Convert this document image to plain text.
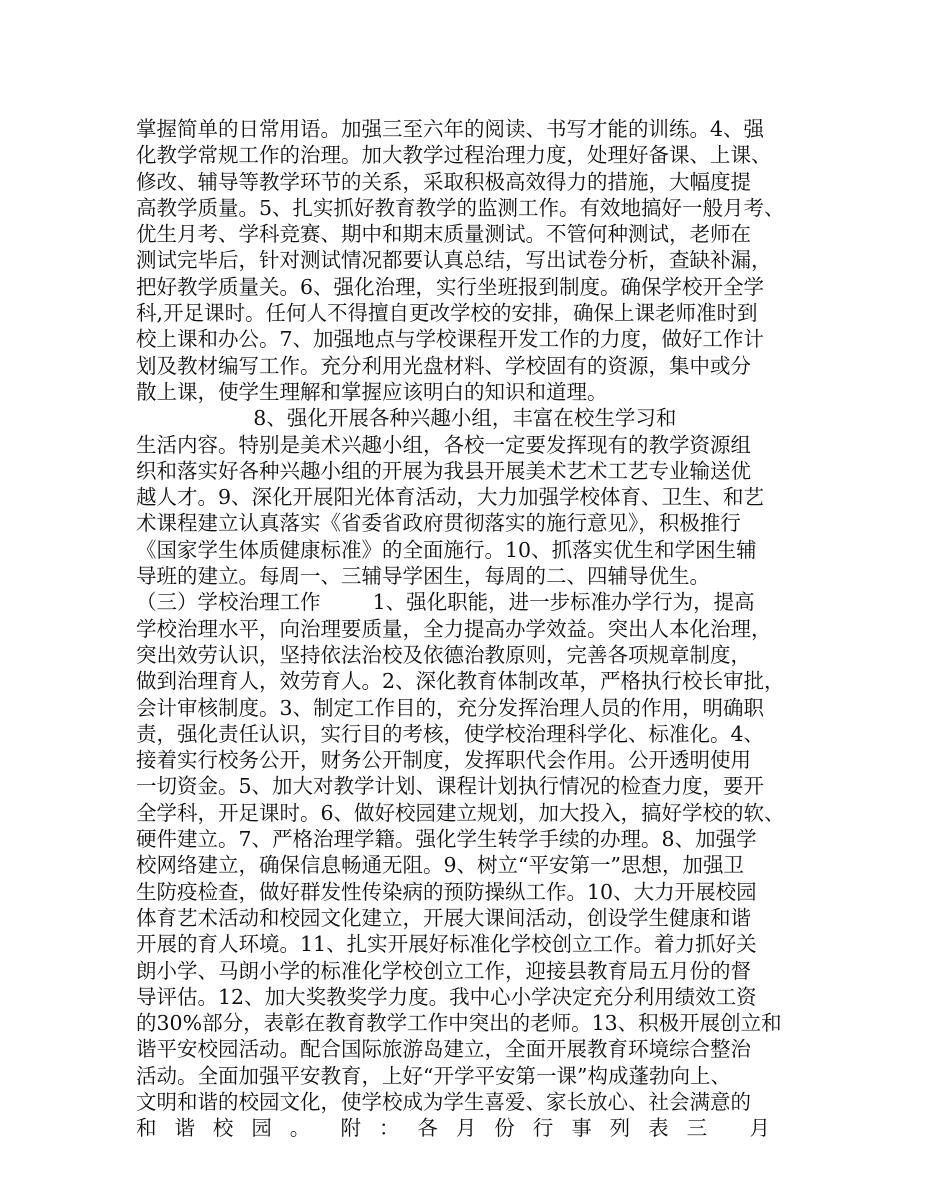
掌握简单的日常用语。加强三至六年的阅读、书写才能的训练。4、强
化教学常规工作的治理。加大教学过程治理力度，处理好备课、上课、
修改、辅导等教学环节的关系，采取积极高效得力的措施，大幅度提
高教学质量。5、扎实抓好教育教学的监测工作。有效地搞好一般月考、
优生月考、学科竞赛、期中和期末质量测试。不管何种测试，老师在
测试完毕后，针对测试情况都要认真总结，写出试卷分析，查缺补漏，
把好教学质量关。6、强化治理，实行坐班报到制度。确保学校开全学
科,开足课时。任何人不得擅自更改学校的安排，确保上课老师准时到
校上课和办公。7、加强地点与学校课程开发工作的力度，做好工作计
划及教材编写工作。充分利用光盘材料、学校固有的资源，集中或分
散上课，使学生理解和掌握应该明白的知识和道理。
8、强化开展各种兴趣小组，丰富在校生学习和
生活内容。特别是美术兴趣小组，各校一定要发挥现有的教学资源组
织和落实好各种兴趣小组的开展为我县开展美术艺术工艺专业输送优
越人才。9、深化开展阳光体育活动，大力加强学校体育、卫生、和艺
术课程建立认真落实《省委省政府贯彻落实的施行意见》，积极推行
《国家学生体质健康标准》的全面施行。10、抓落实优生和学困生辅
导班的建立。每周一、三辅导学困生，每周的二、四辅导优生。
（三）学校治理工作        1、强化职能，进一步标准办学行为，提高
学校治理水平，向治理要质量，全力提高办学效益。突出人本化治理，
突出效劳认识，坚持依法治校及依德治教原则，完善各项规章制度，
做到治理育人，效劳育人。2、深化教育体制改革，严格执行校长审批，
会计审核制度。3、制定工作目的，充分发挥治理人员的作用，明确职
责，强化责任认识，实行目的考核，使学校治理科学化、标准化。4、
接着实行校务公开，财务公开制度，发挥职代会作用。公开透明使用
一切资金。5、加大对教学计划、课程计划执行情况的检查力度，要开
全学科，开足课时。6、做好校园建立规划，加大投入，搞好学校的软、
硬件建立。7、严格治理学籍。强化学生转学手续的办理。8、加强学
校网络建立，确保信息畅通无阻。9、树立“平安第一”思想，加强卫
生防疫检查，做好群发性传染病的预防操纵工作。10、大力开展校园
体育艺术活动和校园文化建立，开展大课间活动，创设学生健康和谐
开展的育人环境。11、扎实开展好标准化学校创立工作。着力抓好关
朗小学、马朗小学的标准化学校创立工作，迎接县教育局五月份的督
导评估。12、加大奖教奖学力度。我中心小学决定充分利用绩效工资
的30%部分，表彰在教育教学工作中突出的老师。13、积极开展创立和
谐平安校园活动。配合国际旅游岛建立，全面开展教育环境综合整治
活动。全面加强平安教育，上好“开学平安第一课”构成蓬勃向上、
文明和谐的校园文化，使学校成为学生喜爱、家长放心、社会满意的
和 谐 校 园 。  附 ： 各 月 份 行 事 列 表 三   月
